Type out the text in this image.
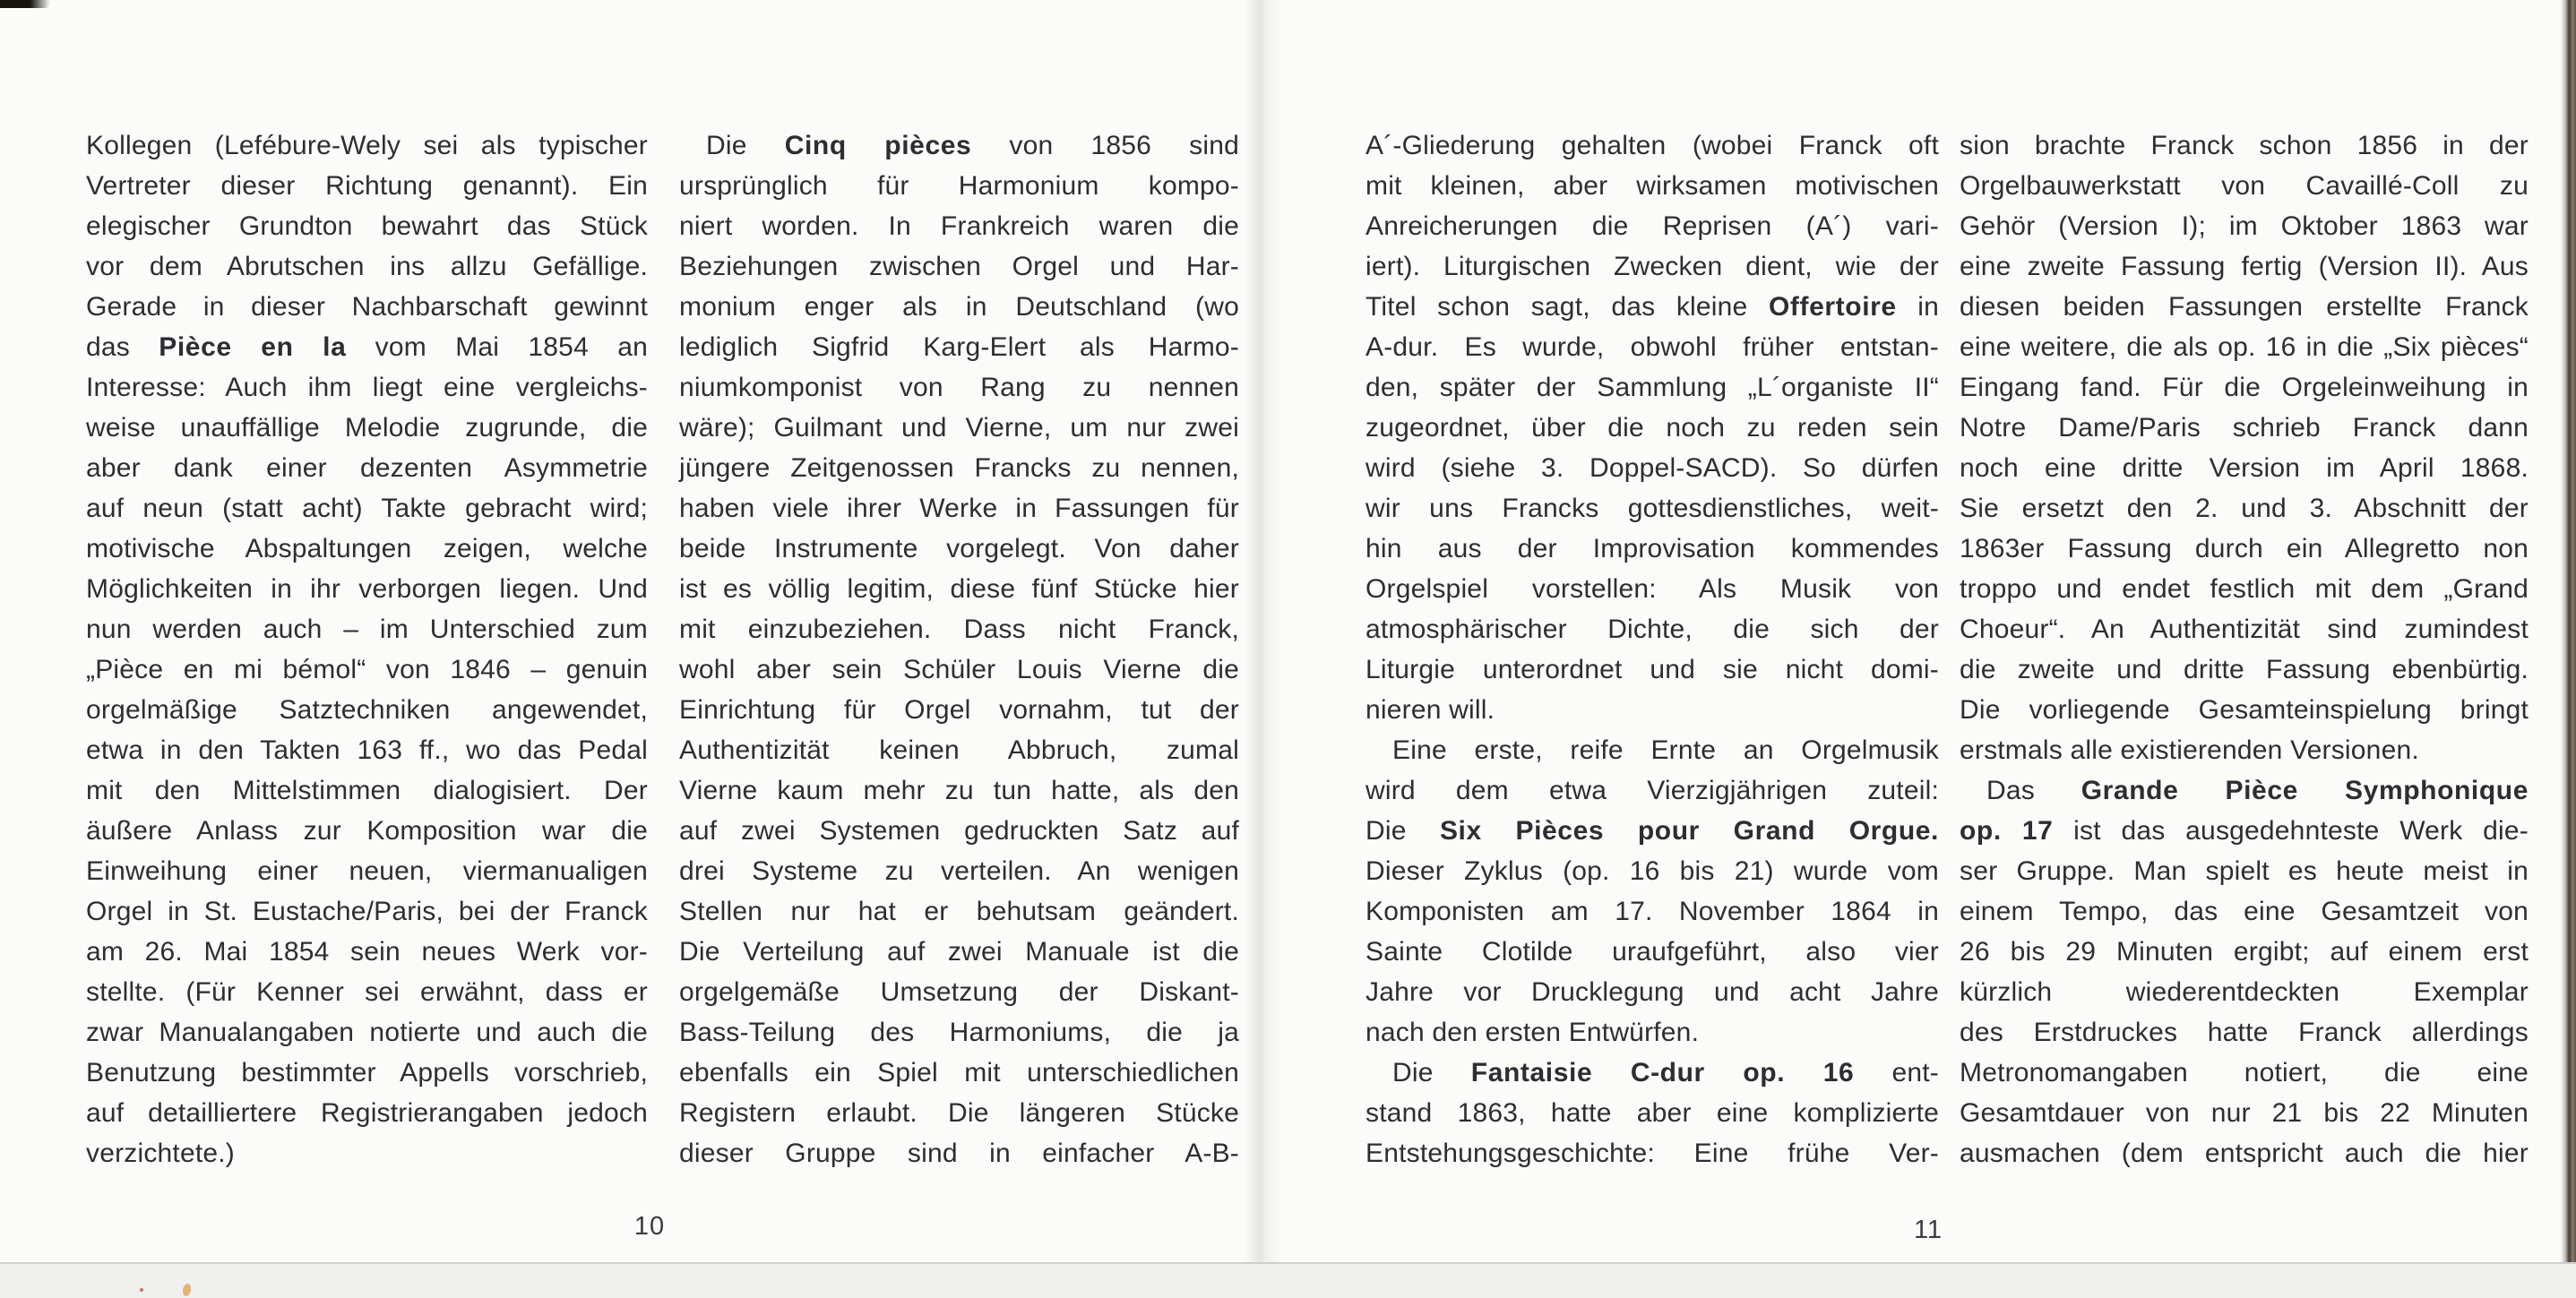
Kollegen (Lefébure-Wely sei als typischer
Vertreter dieser Richtung genannt). Ein
elegischer Grundton bewahrt das Stück
vor dem Abrutschen ins allzu Gefällige.
Gerade in dieser Nachbarschaft gewinnt
das Pièce en la vom Mai 1854 an
Interesse: Auch ihm liegt eine vergleichs-
weise unauffällige Melodie zugrunde, die
aber dank einer dezenten Asymmetrie
auf neun (statt acht) Takte gebracht wird;
motivische Abspaltungen zeigen, welche
Möglichkeiten in ihr verborgen liegen. Und
nun werden auch – im Unterschied zum
„Pièce en mi bémol“ von 1846 – genuin
orgelmäßige Satztechniken angewendet,
etwa in den Takten 163 ff., wo das Pedal
mit den Mittelstimmen dialogisiert. Der
äußere Anlass zur Komposition war die
Einweihung einer neuen, viermanualigen
Orgel in St. Eustache/Paris, bei der Franck
am 26. Mai 1854 sein neues Werk vor-
stellte. (Für Kenner sei erwähnt, dass er
zwar Manualangaben notierte und auch die
Benutzung bestimmter Appells vorschrieb,
auf detailliertere Registrierangaben jedoch
verzichtete.)
Die Cinq pièces von 1856 sind
ursprünglich für Harmonium kompo-
niert worden. In Frankreich waren die
Beziehungen zwischen Orgel und Har-
monium enger als in Deutschland (wo
lediglich Sigfrid Karg-Elert als Harmo-
niumkomponist von Rang zu nennen
wäre); Guilmant und Vierne, um nur zwei
jüngere Zeitgenossen Francks zu nennen,
haben viele ihrer Werke in Fassungen für
beide Instrumente vorgelegt. Von daher
ist es völlig legitim, diese fünf Stücke hier
mit einzubeziehen. Dass nicht Franck,
wohl aber sein Schüler Louis Vierne die
Einrichtung für Orgel vornahm, tut der
Authentizität keinen Abbruch, zumal
Vierne kaum mehr zu tun hatte, als den
auf zwei Systemen gedruckten Satz auf
drei Systeme zu verteilen. An wenigen
Stellen nur hat er behutsam geändert.
Die Verteilung auf zwei Manuale ist die
orgelgemäße Umsetzung der Diskant-
Bass-Teilung des Harmoniums, die ja
ebenfalls ein Spiel mit unterschiedlichen
Registern erlaubt. Die längeren Stücke
dieser Gruppe sind in einfacher A-B-
10
A´-Gliederung gehalten (wobei Franck oft
mit kleinen, aber wirksamen motivischen
Anreicherungen die Reprisen (A´) vari-
iert). Liturgischen Zwecken dient, wie der
Titel schon sagt, das kleine Offertoire in
A-dur. Es wurde, obwohl früher entstan-
den, später der Sammlung „L´organiste II“
zugeordnet, über die noch zu reden sein
wird (siehe 3. Doppel-SACD). So dürfen
wir uns Francks gottesdienstliches, weit-
hin aus der Improvisation kommendes
Orgelspiel vorstellen: Als Musik von
atmosphärischer Dichte, die sich der
Liturgie unterordnet und sie nicht domi-
nieren will.
Eine erste, reife Ernte an Orgelmusik
wird dem etwa Vierzigjährigen zuteil:
Die Six Pièces pour Grand Orgue.
Dieser Zyklus (op. 16 bis 21) wurde vom
Komponisten am 17. November 1864 in
Sainte Clotilde uraufgeführt, also vier
Jahre vor Drucklegung und acht Jahre
nach den ersten Entwürfen.
Die Fantaisie C-dur op. 16 ent-
stand 1863, hatte aber eine komplizierte
Entstehungsgeschichte: Eine frühe Ver-
sion brachte Franck schon 1856 in der
Orgelbauwerkstatt von Cavaillé-Coll zu
Gehör (Version I); im Oktober 1863 war
eine zweite Fassung fertig (Version II). Aus
diesen beiden Fassungen erstellte Franck
eine weitere, die als op. 16 in die „Six pièces“
Eingang fand. Für die Orgeleinweihung in
Notre Dame/Paris schrieb Franck dann
noch eine dritte Version im April 1868.
Sie ersetzt den 2. und 3. Abschnitt der
1863er Fassung durch ein Allegretto non
troppo und endet festlich mit dem „Grand
Choeur“. An Authentizität sind zumindest
die zweite und dritte Fassung ebenbürtig.
Die vorliegende Gesamteinspielung bringt
erstmals alle existierenden Versionen.
Das Grande Pièce Symphonique
op. 17 ist das ausgedehnteste Werk die-
ser Gruppe. Man spielt es heute meist in
einem Tempo, das eine Gesamtzeit von
26 bis 29 Minuten ergibt; auf einem erst
kürzlich wiederentdeckten Exemplar
des Erstdruckes hatte Franck allerdings
Metronomangaben notiert, die eine
Gesamtdauer von nur 21 bis 22 Minuten
ausmachen (dem entspricht auch die hier
11
